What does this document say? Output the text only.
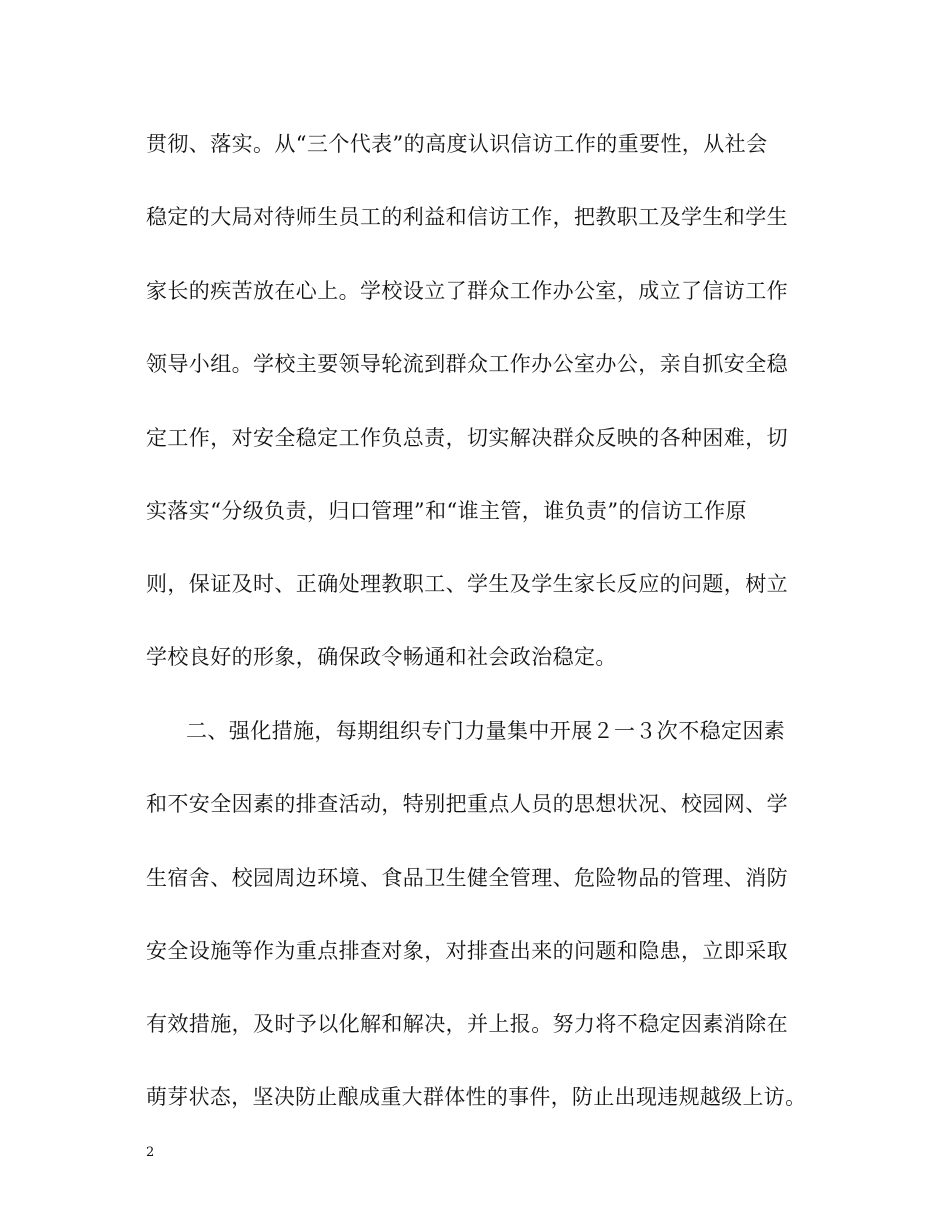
贯彻、落实。从“三个代表”的高度认识信访工作的重要性，从社会
稳定的大局对待师生员工的利益和信访工作，把教职工及学生和学生
家长的疾苦放在心上。学校设立了群众工作办公室，成立了信访工作
领导小组。学校主要领导轮流到群众工作办公室办公，亲自抓安全稳
定工作，对安全稳定工作负总责，切实解决群众反映的各种困难，切
实落实“分级负责，归口管理”和“谁主管，谁负责”的信访工作原
则，保证及时、正确处理教职工、学生及学生家长反应的问题，树立
学校良好的形象，确保政令畅通和社会政治稳定。
二、强化措施，每期组织专门力量集中开展２一３次不稳定因素
和不安全因素的排查活动，特别把重点人员的思想状况、校园网、学
生宿舍、校园周边环境、食品卫生健全管理、危险物品的管理、消防
安全设施等作为重点排查对象，对排查出来的问题和隐患，立即采取
有效措施，及时予以化解和解决，并上报。努力将不稳定因素消除在
萌芽状态，坚决防止酿成重大群体性的事件，防止出现违规越级上访。
2
